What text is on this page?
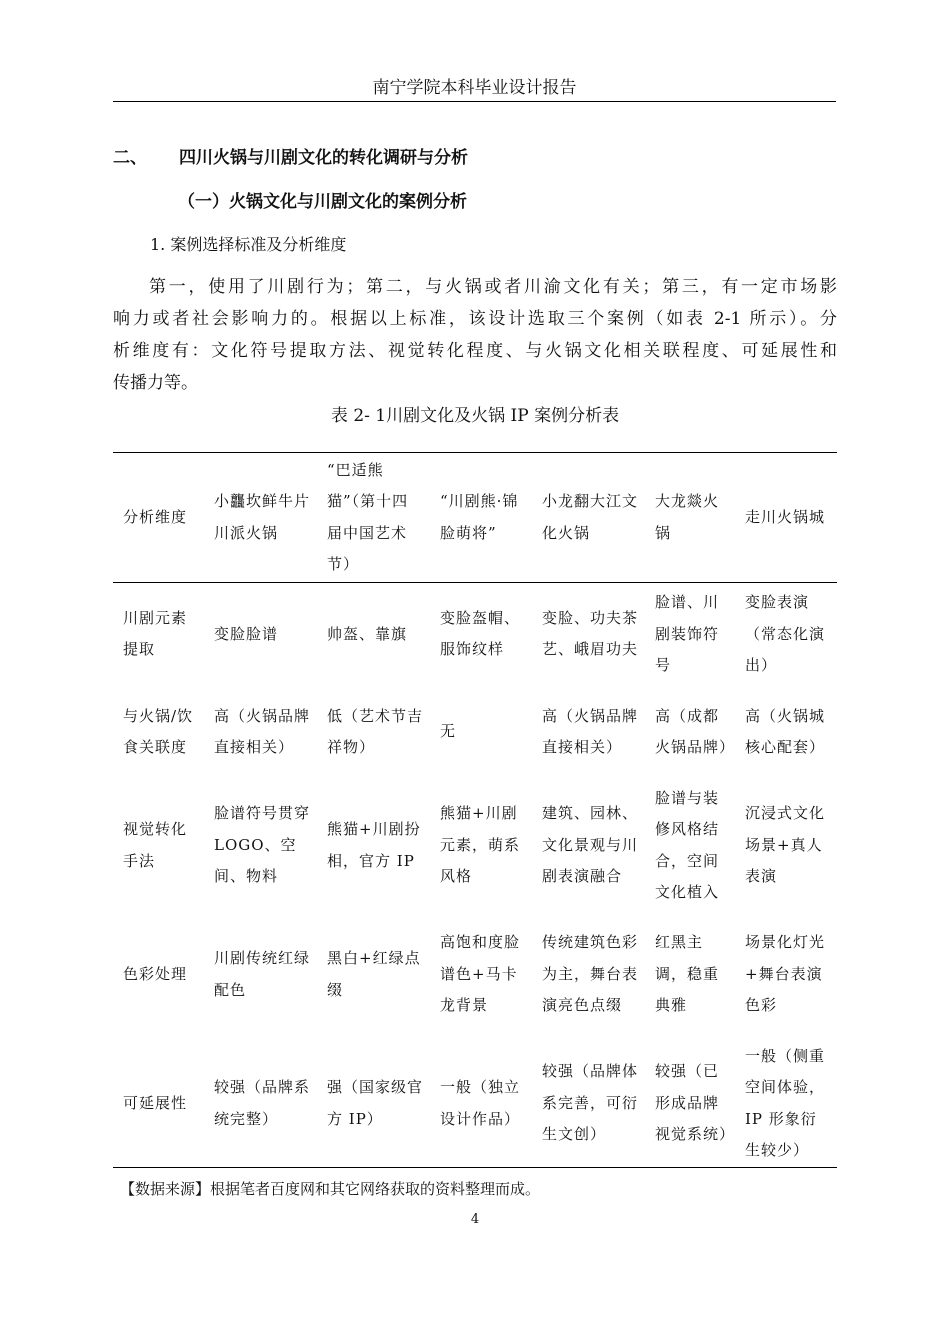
南宁学院本科毕业设计报告
二、 四川火锅与川剧文化的转化调研与分析
（一）火锅文化与川剧文化的案例分析
1. 案例选择标准及分析维度
第一，使用了川剧行为；第二，与火锅或者川渝文化有关；第三，有一定市场影
响力或者社会影响力的。根据以上标准，该设计选取三个案例（如表 2-1 所示）。分
析维度有：文化符号提取方法、视觉转化程度、与火锅文化相关联程度、可延展性和
传播力等。
表 2- 1川剧文化及火锅 IP 案例分析表
分析维度	小龘坎鲜牛片川派火锅	“巴适熊猫”（第十四届中国艺术节）	“川剧熊·锦脸萌将”	小龙翻大江文化火锅	大龙燚火锅	走川火锅城
川剧元素提取	变脸脸谱	帅盔、靠旗	变脸盔帽、服饰纹样	变脸、功夫茶艺、峨眉功夫	脸谱、川剧装饰符号	变脸表演（常态化演出）
与火锅/饮食关联度	高（火锅品牌直接相关）	低（艺术节吉祥物）	无	高（火锅品牌直接相关）	高（成都火锅品牌）	高（火锅城核心配套）
视觉转化手法	脸谱符号贯穿 LOGO、空间、物料	熊猫+川剧扮相，官方 IP	熊猫+川剧元素，萌系风格	建筑、园林、文化景观与川剧表演融合	脸谱与装修风格结合，空间文化植入	沉浸式文化场景+真人表演
色彩处理	川剧传统红绿配色	黑白+红绿点缀	高饱和度脸谱色+马卡龙背景	传统建筑色彩为主，舞台表演亮色点缀	红黑主调，稳重典雅	场景化灯光+舞台表演色彩
可延展性	较强（品牌系统完整）	强（国家级官方 IP）	一般（独立设计作品）	较强（品牌体系完善，可衍生文创）	较强（已形成品牌视觉系统）	一般（侧重空间体验，IP 形象衍生较少）
【数据来源】根据笔者百度网和其它网络获取的资料整理而成。
4
